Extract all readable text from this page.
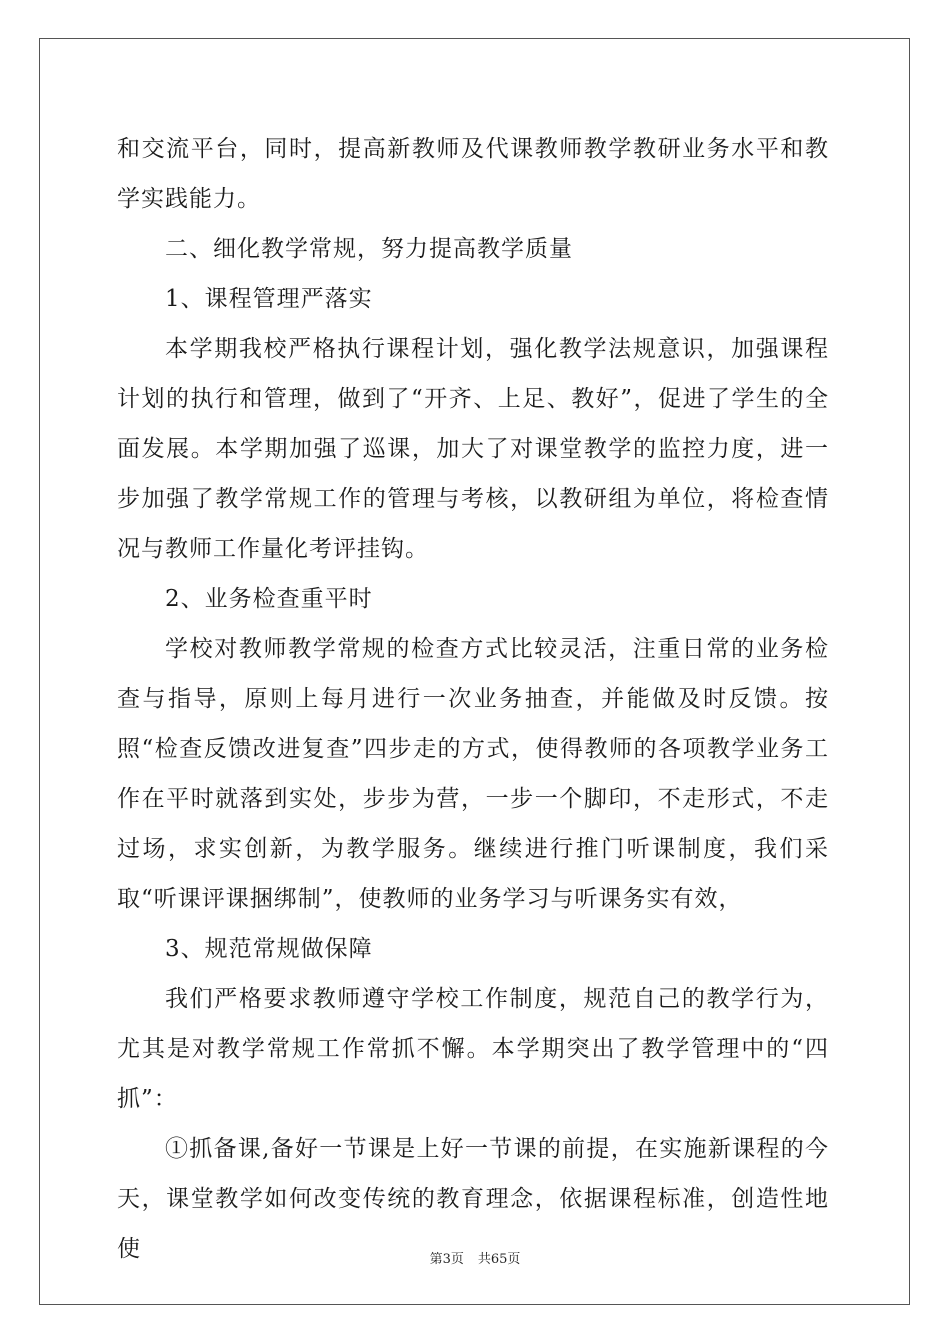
和交流平台，同时，提高新教师及代课教师教学教研业务水平和教学实践能力。

二、细化教学常规，努力提高教学质量

1、课程管理严落实

本学期我校严格执行课程计划，强化教学法规意识，加强课程计划的执行和管理，做到了“开齐、上足、教好”，促进了学生的全面发展。本学期加强了巡课，加大了对课堂教学的监控力度，进一步加强了教学常规工作的管理与考核，以教研组为单位，将检查情况与教师工作量化考评挂钩。

2、业务检查重平时

学校对教师教学常规的检查方式比较灵活，注重日常的业务检查与指导，原则上每月进行一次业务抽查，并能做及时反馈。按照“检查反馈改进复查”四步走的方式，使得教师的各项教学业务工作在平时就落到实处，步步为营，一步一个脚印，不走形式，不走过场，求实创新，为教学服务。继续进行推门听课制度，我们采取“听课评课捆绑制”，使教师的业务学习与听课务实有效，

3、规范常规做保障

我们严格要求教师遵守学校工作制度，规范自己的教学行为，尤其是对教学常规工作常抓不懈。本学期突出了教学管理中的“四抓”：

①抓备课,备好一节课是上好一节课的前提，在实施新课程的今天，课堂教学如何改变传统的教育理念，依据课程标准，创造性地使	第3页 共65页
